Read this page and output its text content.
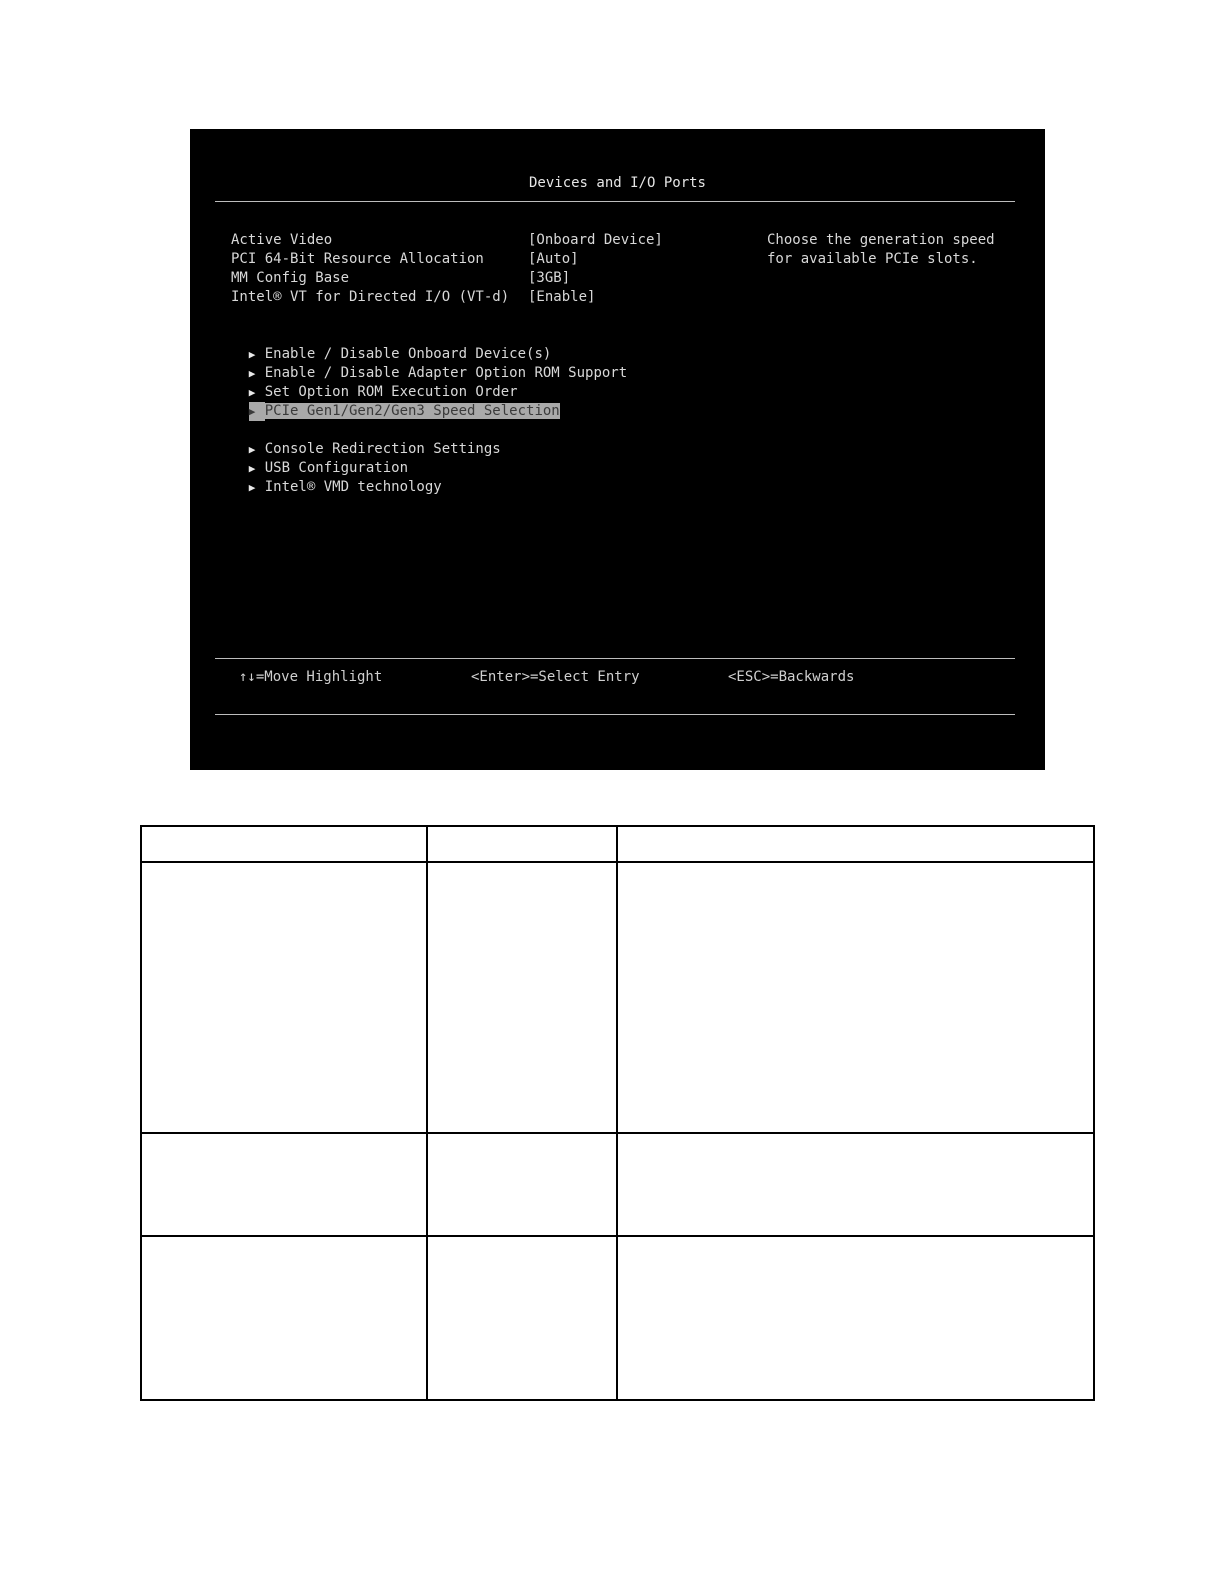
Devices and I/O Ports
Active Video	[Onboard Device]
PCI 64-Bit Resource Allocation	[Auto]
MM Config Base	[3GB]
Intel® VT for Directed I/O (VT-d) [Enable]
Choose the generation speed
for available PCIe slots.

▶ Enable / Disable Onboard Device(s)

▶ Enable / Disable Adapter Option ROM Support

▶ Set Option ROM Execution Order

▶ PCIe Gen1/Gen2/Gen3 Speed Selection

▶ Console Redirection Settings

▶ USB Configuration

▶ Intel® VMD technology

↑↓=Move Highlight	<Enter>=Select Entry	<ESC>=Backwards
